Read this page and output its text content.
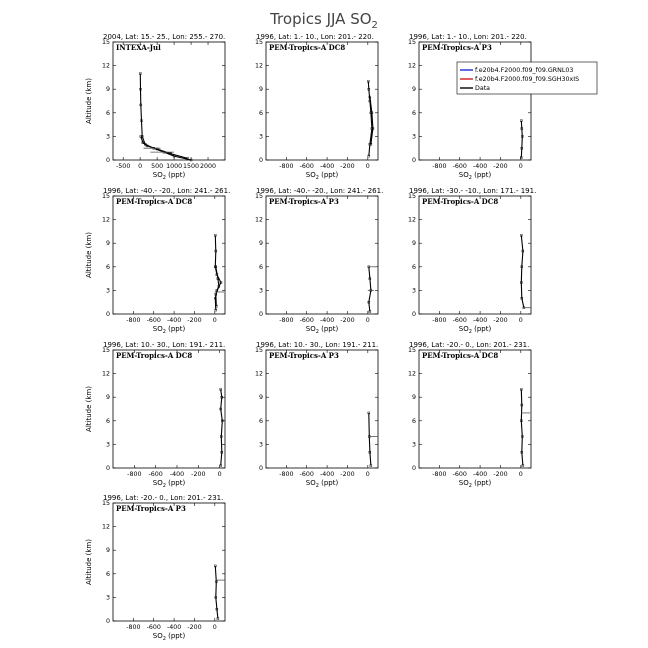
Tropics JJA $SO_2$
2004, Lat: 15.- 25., Lon: 255.- 270.
INTEXA-Jul
0
3
6
9
12
15
-500 0 500 1000 1500 2000
$SO_2$ (ppt)
Altitude (km)
1996, Lat: 1.- 10., Lon: 201.- 220.
PEM-Tropics-A DC8
0
3
6
9
12
15
-800 -600 -400 -200 0
$SO_2$ (ppt)
1996, Lat: 1.- 10., Lon: 201.- 220.
PEM-Tropics-A P3
0
3
6
9
12
15
-800 -600 -400 -200 0
$SO_2$ (ppt)
1996, Lat: -40.- -20., Lon: 241.- 261.
PEM-Tropics-A DC8
0
3
6
9
12
15
-800 -600 -400 -200 0
$SO_2$ (ppt)
Altitude (km)
1996, Lat: -40.- -20., Lon: 241.- 261.
PEM-Tropics-A P3
0
3
6
9
12
15
-800 -600 -400 -200 0
$SO_2$ (ppt)
1996, Lat: -30.- -10., Lon: 171.- 191.
PEM-Tropics-A DC8
0
3
6
9
12
15
-800 -600 -400 -200 0
$SO_2$ (ppt)
1996, Lat: 10.- 30., Lon: 191.- 211.
PEM-Tropics-A DC8
0
3
6
9
12
15
-800 -600 -400 -200 0
$SO_2$ (ppt)
Altitude (km)
1996, Lat: 10.- 30., Lon: 191.- 211.
PEM-Tropics-A P3
0
3
6
9
12
15
-800 -600 -400 -200 0
$SO_2$ (ppt)
1996, Lat: -20.- 0., Lon: 201.- 231.
PEM-Tropics-A DC8
0
3
6
9
12
15
-800 -600 -400 -200 0
$SO_2$ (ppt)
1996, Lat: -20.- 0., Lon: 201.- 231.
PEM-Tropics-A P3
0
3
6
9
12
15
-800 -600 -400 -200 0
$SO_2$ (ppt)
Altitude (km)
f.e20b4.F2000.f09_f09.GRNL03
f.e20b4.F2000.f09_f09.SGH30xIS
Data
